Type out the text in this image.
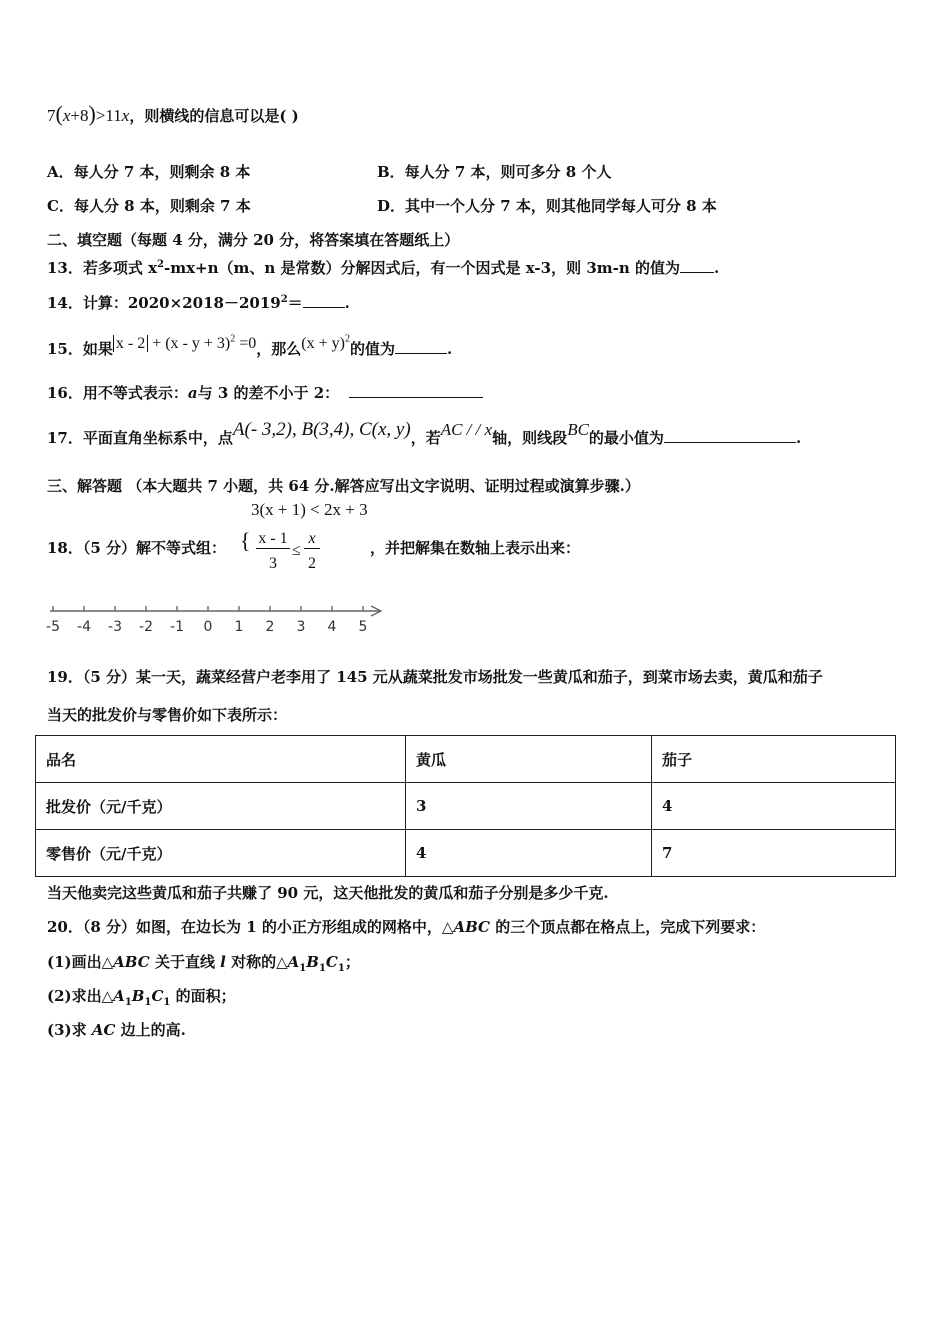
7(x+8)>11x，则横线的信息可以是( )
A．每人分 7 本，则剩余 8 本	B．每人分 7 本，则可多分 8 个人
C．每人分 8 本，则剩余 7 本	D．其中一个人分 7 本，则其他同学每人可分 8 本
二、填空题（每题 4 分，满分 20 分，将答案填在答题纸上）
13．若多项式 $x^2-mx+n(m$、n 是常数）分解因式后，有一个因式是 x-3，则 3m-n 的值为 .
14．计算：$2020\times 2018-2019^2=$	.
15．如果 $x - 2 + (x - y + 3)^2 =0$，那么$(x + y)^2$的值为	.
16．用不等式表示：a与 3 的差不小于 2：
17．平面直角坐标系中，点A(- 3,2), B(3,4), C(x, y)，若AC / / x轴，则线段BC的最小值为	.
三、解答题 （本大题共 7 小题，共 64 分.解答应写出文字说明、证明过程或演算步骤.）
3(x + 1) < 2x + 3
18．（5 分）解不等式组： { x - 1
3
≤
x
2
，并把解集在数轴上表示出来：
-5 -4 -3 -2 -1 0 1 2 3 4 5
19．（5 分）某一天，蔬菜经营户老李用了 145 元从蔬菜批发市场批发一些黄瓜和茄子，到菜市场去卖，黄瓜和茄子
当天的批发价与零售价如下表所示：
品名	黄瓜	茄子
批发价（元/千克）	3	4
零售价（元/千克）	4	7
当天他卖完这些黄瓜和茄子共赚了 90 元，这天他批发的黄瓜和茄子分别是多少千克.
20．（8 分）如图，在边长为 1 的小正方形组成的网格中，△ABC 的三个顶点都在格点上，完成下列要求：
(1)画出△ABC 关于直线 l 对称的$\triangle A_1B_1C_1$；
(2)求出$\triangle A_1B_1C_1$ 的面积；
(3)求 AC 边上的高.
